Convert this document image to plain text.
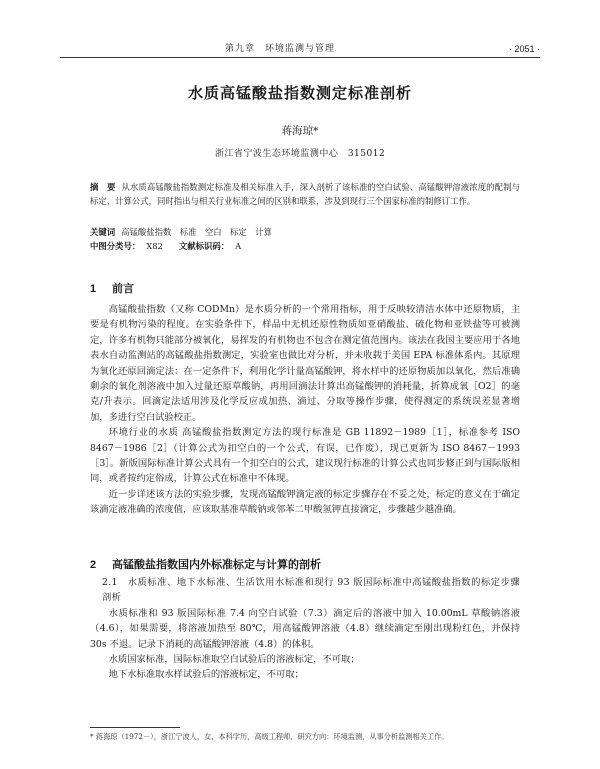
第九章　环境监测与管理	· 2051 ·
水质高锰酸盐指数测定标准剖析
蒋海琼*
浙江省宁波生态环境监测中心　315012
摘　要 从水质高锰酸盐指数测定标准及相关标准入手，深入剖析了该标准的空白试验、高锰酸钾溶液浓度的配制与标定、计算公式，同时指出与相关行业标准之间的区别和联系，涉及到现行三个国家标准的制修订工作。
关键词 高锰酸盐指数　标准　空白　标定　计算
中图分类号： X82 文献标识码： A
1 前言

高锰酸盐指数（又称 CODMn）是水质分析的一个常用指标，用于反映较清洁水体中还原物质，主要是有机物污染的程度。在实验条件下，样品中无机还原性物质如亚硝酸盐、硫化物和亚铁盐等可被测定，许多有机物只能部分被氧化，易挥发的有机物也不包含在测定值范围内。该法在我国主要应用于各地表水自动监测站的高锰酸盐指数测定，实验室也做比对分析，并未收载于美国 EPA 标准体系内。其原理为氧化还原回滴定法：在一定条件下，利用化学计量高锰酸钾，将水样中的还原物质加以氧化，然后准确剩余的氧化剂溶液中加入过量还原草酸钠，再用回滴法计算出高锰酸钾的消耗量，折算成氧［O2］的毫克/升表示。回滴定法适用涉及化学反应成加热、滴过、分取等操作步骤，使得测定的系统误差显著增加，多进行空白试验校正。

环境行业的水质 高锰酸盐指数测定方法的现行标准是 GB 11892－1989［1］，标准参考 ISO 8467－1986［2］（计算公式为扣空白的一个公式，有误，已作废），现已更新为 ISO 8467－1993［3］。新版国际标准计算公式具有一个扣空白的公式，建议现行标准的计算公式也同步修正到与国际版相同，或者按约定俗成，计算公式在标准中不体现。

近一步详述该方法的实验步骤，发现高锰酸钾滴定液的标定步骤存在不妥之处，标定的意义在于确定该滴定液准确的浓度值，应该取基准草酸钠或邻苯二甲酸氢钾直接滴定，步骤越少越准确。

2 高锰酸盐指数国内外标准标定与计算的剖析

2.1　水质标准、地下水标准、生活饮用水标准和现行 93 版国际标准中高锰酸盐指数的标定步骤剖析

水质标准和 93 版国际标准 7.4 向空白试验（7.3）滴定后的溶液中加入 10.00mL 草酸钠溶液（4.6），如果需要，将溶液加热至 80℃，用高锰酸钾溶液（4.8）继续滴定至刚出现粉红色，并保持 30s 不退。记录下消耗的高锰酸钾溶液（4.8）的体积。

水质国家标准，国际标准取空白试验后的溶液标定，不可取；

地下水标准取水样试验后的溶液标定，不可取；

* 蒋海琼（1972－），浙江宁波人，女，本科学历，高级工程师，研究方向：环境监测，从事分析监测相关工作。
